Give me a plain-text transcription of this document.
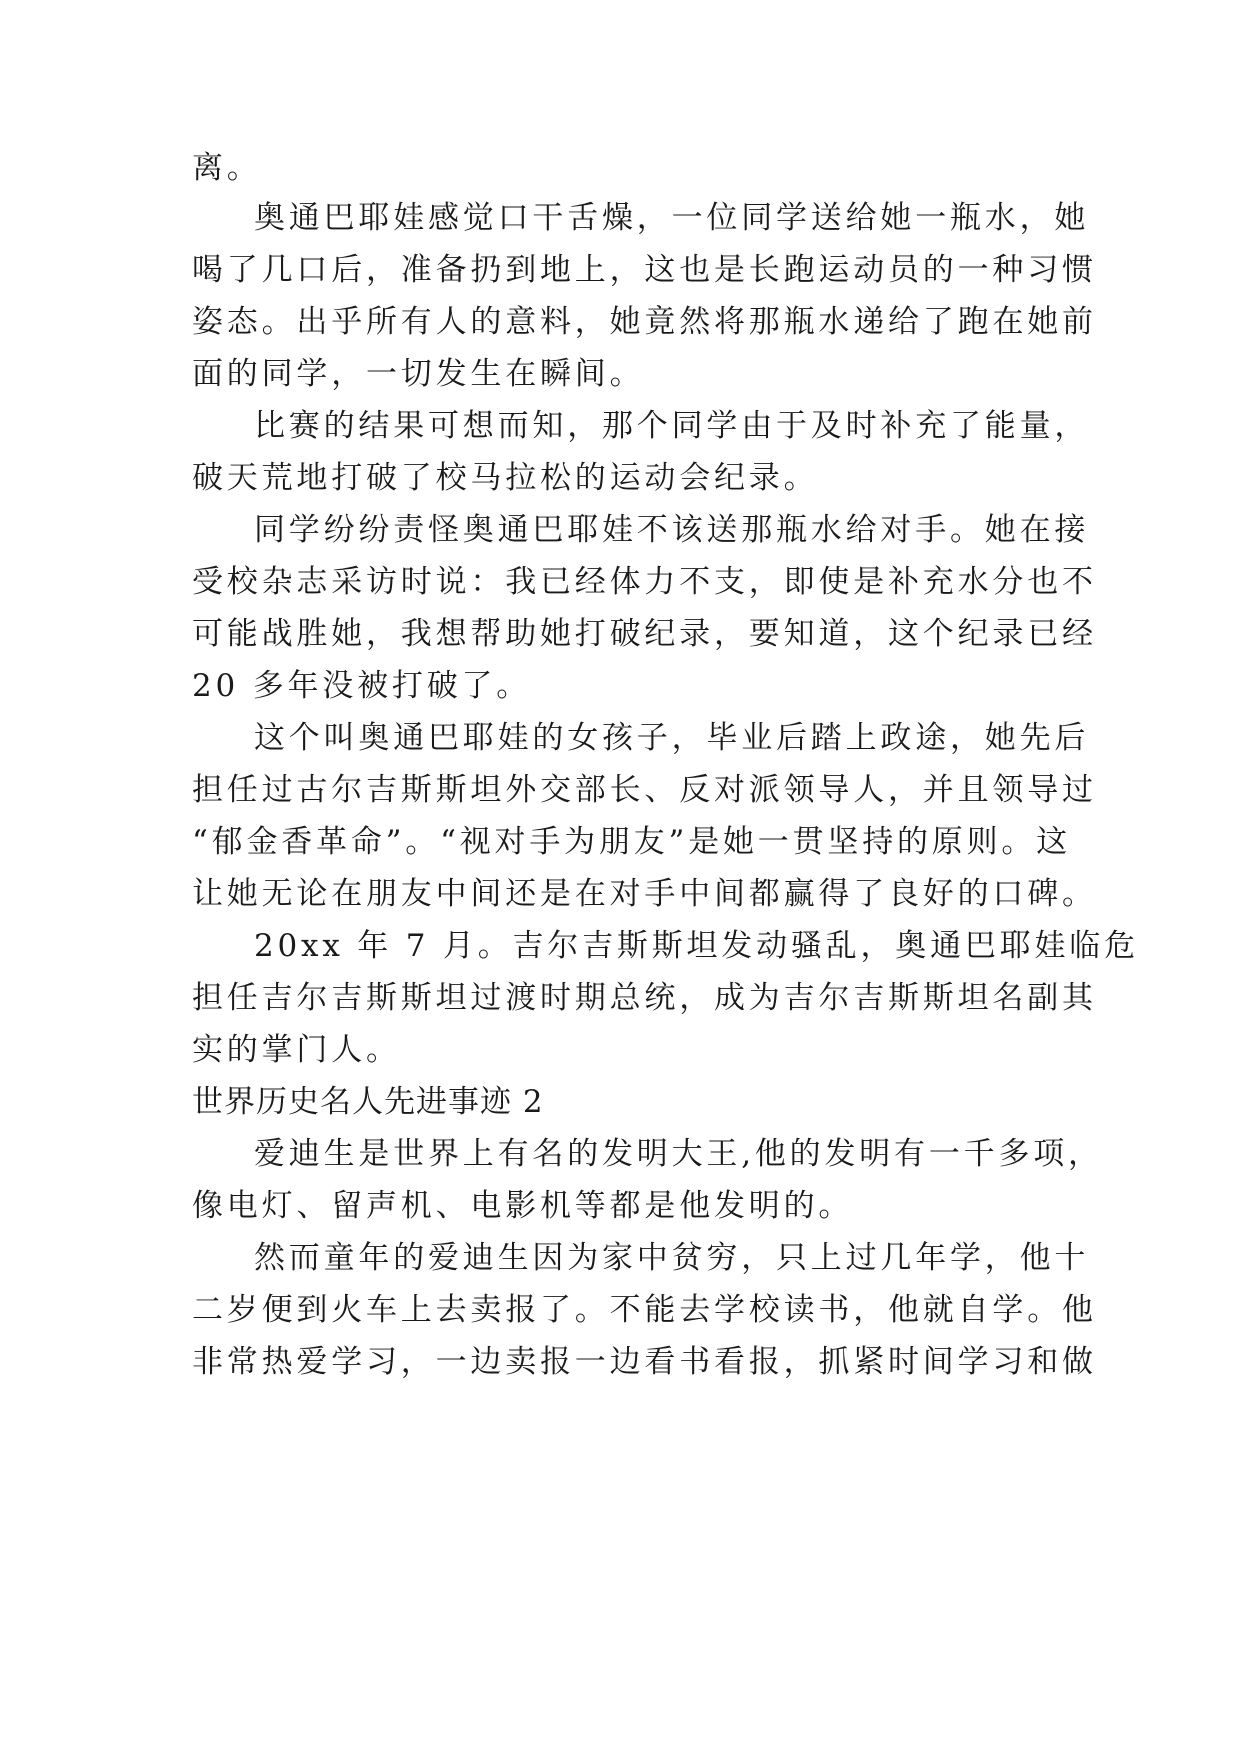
离。
奥通巴耶娃感觉口干舌燥，一位同学送给她一瓶水，她
喝了几口后，准备扔到地上，这也是长跑运动员的一种习惯
姿态。出乎所有人的意料，她竟然将那瓶水递给了跑在她前
面的同学，一切发生在瞬间。
比赛的结果可想而知，那个同学由于及时补充了能量，
破天荒地打破了校马拉松的运动会纪录。
同学纷纷责怪奥通巴耶娃不该送那瓶水给对手。她在接
受校杂志采访时说：我已经体力不支，即使是补充水分也不
可能战胜她，我想帮助她打破纪录，要知道，这个纪录已经
20 多年没被打破了。
这个叫奥通巴耶娃的女孩子，毕业后踏上政途，她先后
担任过古尔吉斯斯坦外交部长、反对派领导人，并且领导过
“郁金香革命”。“视对手为朋友”是她一贯坚持的原则。这
让她无论在朋友中间还是在对手中间都赢得了良好的口碑。
20xx 年 7 月。吉尔吉斯斯坦发动骚乱，奥通巴耶娃临危
担任吉尔吉斯斯坦过渡时期总统，成为吉尔吉斯斯坦名副其
实的掌门人。
世界历史名人先进事迹 2
爱迪生是世界上有名的发明大王,他的发明有一千多项，
像电灯、留声机、电影机等都是他发明的。
然而童年的爱迪生因为家中贫穷，只上过几年学，他十
二岁便到火车上去卖报了。不能去学校读书，他就自学。他
非常热爱学习，一边卖报一边看书看报，抓紧时间学习和做
